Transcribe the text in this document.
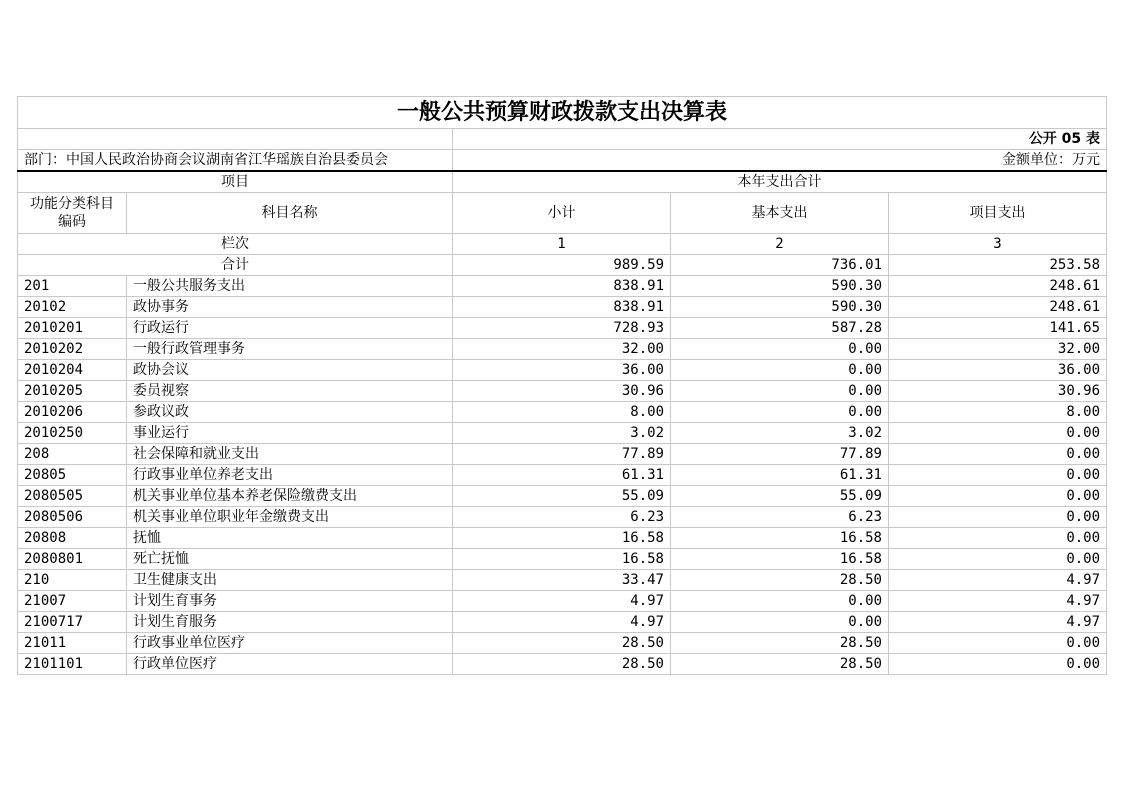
一般公共预算财政拨款支出决算表				
		公开 05 表		
部门：中国人民政治协商会议湖南省江华瑶族自治县委员会		金额单位：万元		
项目		本年支出合计		
功能分类科目编码	科目名称	小计	基本支出	项目支出
栏次		1	2	3
合计		989.59	736.01	253.58
201	一般公共服务支出	838.91	590.30	248.61
20102	政协事务	838.91	590.30	248.61
2010201	行政运行	728.93	587.28	141.65
2010202	一般行政管理事务	32.00	0.00	32.00
2010204	政协会议	36.00	0.00	36.00
2010205	委员视察	30.96	0.00	30.96
2010206	参政议政	8.00	0.00	8.00
2010250	事业运行	3.02	3.02	0.00
208	社会保障和就业支出	77.89	77.89	0.00
20805	行政事业单位养老支出	61.31	61.31	0.00
2080505	机关事业单位基本养老保险缴费支出	55.09	55.09	0.00
2080506	机关事业单位职业年金缴费支出	6.23	6.23	0.00
20808	抚恤	16.58	16.58	0.00
2080801	死亡抚恤	16.58	16.58	0.00
210	卫生健康支出	33.47	28.50	4.97
21007	计划生育事务	4.97	0.00	4.97
2100717	计划生育服务	4.97	0.00	4.97
21011	行政事业单位医疗	28.50	28.50	0.00
2101101	行政单位医疗	28.50	28.50	0.00
